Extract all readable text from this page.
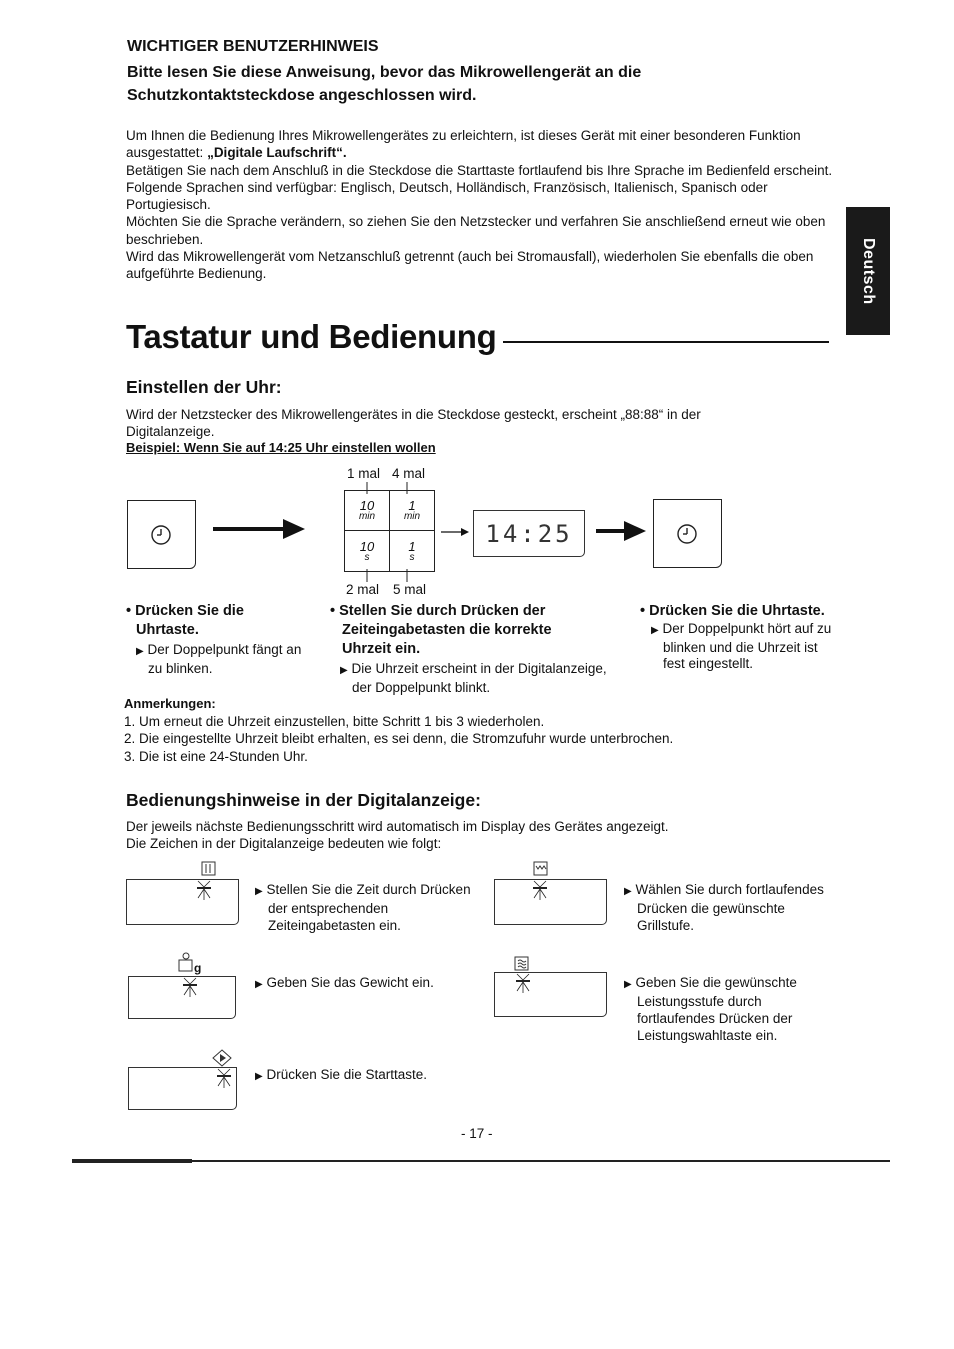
WICHTIGER BENUTZERHINWEIS
Bitte lesen Sie diese Anweisung, bevor das Mikrowellengerät an die Schutzkontaktsteckdose angeschlossen wird.

Um Ihnen die Bedienung Ihres Mikrowellengerätes zu erleichtern, ist dieses Gerät mit einer besonderen Funktion ausgestattet: „Digitale Laufschrift“.

Betätigen Sie nach dem Anschluß in die Steckdose die Starttaste fortlaufend bis Ihre Sprache im Bedienfeld erscheint. Folgende Sprachen sind verfügbar: Englisch, Deutsch, Holländisch, Französisch, Italienisch, Spanisch oder Portugiesisch.

Möchten Sie die Sprache verändern, so ziehen Sie den Netzstecker und verfahren Sie anschließend erneut wie oben beschrieben.

Wird das Mikrowellengerät vom Netzanschluß getrennt (auch bei Stromausfall), wiederholen Sie ebenfalls die oben aufgeführte Bedienung.	Deutsch
Tastatur und Bedienung
Einstellen der Uhr:
Wird der Netzstecker des Mikrowellengerätes in die Steckdose gesteckt, erscheint „88:88“ in der Digitalanzeige.
Beispiel: Wenn Sie auf 14:25 Uhr einstellen wollen
1 mal 4 mal
10
min
1
min
10
s
1
s
2 mal 5 mal
14:25
• Drücken Sie die Uhrtaste.
▶ Der Doppelpunkt fängt an zu blinken.
• Stellen Sie durch Drücken der Zeiteingabetasten die korrekte Uhrzeit ein.
▶ Die Uhrzeit erscheint in der Digitalanzeige, der Doppelpunkt blinkt.
• Drücken Sie die Uhrtaste.
▶ Der Doppelpunkt hört auf zu blinken und die Uhrzeit ist fest eingestellt.
Anmerkungen:
1. Um erneut die Uhrzeit einzustellen, bitte Schritt 1 bis 3 wiederholen.
2. Die eingestellte Uhrzeit bleibt erhalten, es sei denn, die Stromzufuhr wurde unterbrochen.
3. Die ist eine 24-Stunden Uhr.
Bedienungshinweise in der Digitalanzeige:
Der jeweils nächste Bedienungsschritt wird automatisch im Display des Gerätes angezeigt.
Die Zeichen in der Digitalanzeige bedeuten wie folgt:
▶ Stellen Sie die Zeit durch Drücken der entsprechenden Zeiteingabetasten ein.
▶ Wählen Sie durch fortlaufendes Drücken die gewünschte Grillstufe.
g
▶ Geben Sie das Gewicht ein.	▶ Geben Sie die gewünschte Leistungsstufe durch fortlaufendes Drücken der Leistungswahltaste ein.
▶ Drücken Sie die Starttaste.
- 17 -
